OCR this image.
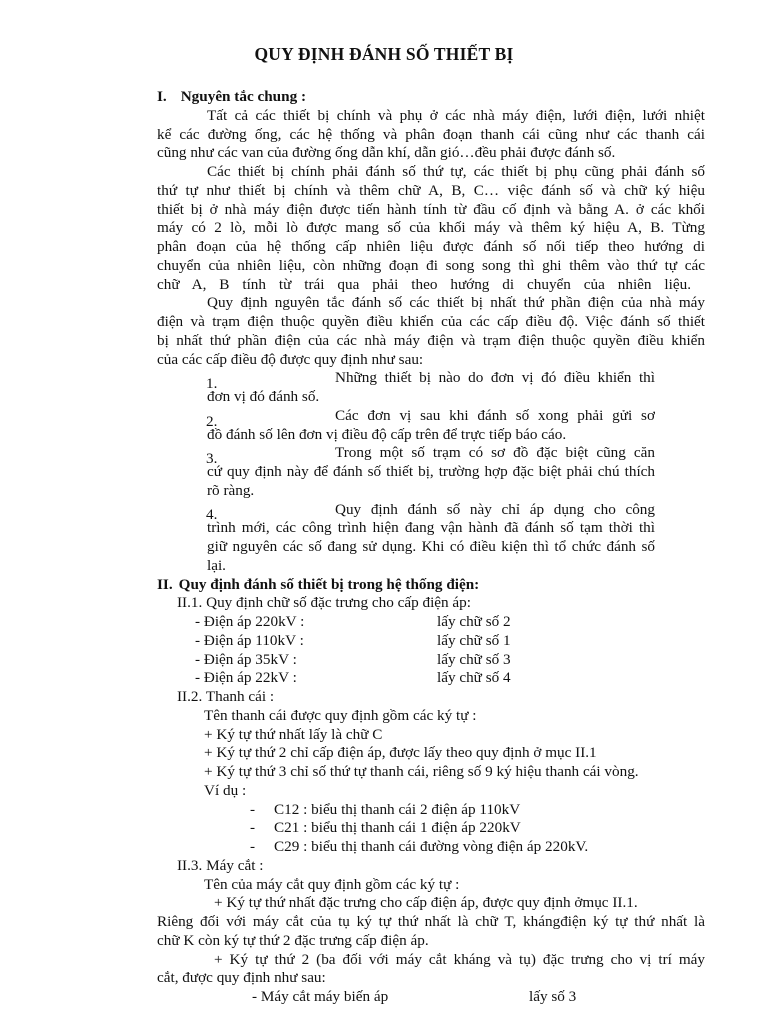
QUY ĐỊNH ĐÁNH SỐ THIẾT BỊ
I. Nguyên tắc chung :
Tất cả các thiết bị chính và phụ ở các nhà máy điện, lưới điện, lưới nhiệt
kể các đường ống, các hệ thống và phân đoạn thanh cái cũng như các thanh cái
cũng như các van của đường ống dẫn khí, dẫn gió…đều phải được đánh số.
Các thiết bị chính phải đánh số thứ tự, các thiết bị phụ cũng phải đánh số
thứ tự như thiết bị chính và thêm chữ A, B, C… việc đánh số và chữ ký hiệu
thiết bị ở nhà máy điện được tiến hành tính từ đầu cố định và bằng A. ở các khối
máy có 2 lò, mỗi lò được mang số của khối máy và thêm ký hiệu A, B. Từng
phân đoạn của hệ thống cấp nhiên liệu được đánh số nối tiếp theo hướng di
chuyển của nhiên liệu, còn những đoạn đi song song thì ghi thêm vào thứ tự các
chữ A, B tính từ trái qua phải theo hướng di chuyển của nhiên liệu.
Quy định nguyên tắc đánh số các thiết bị nhất thứ phần điện của nhà máy
điện và trạm điện thuộc quyền điều khiển của các cấp điều độ. Việc đánh số thiết
bị nhất thứ phần điện của các nhà máy điện và trạm điện thuộc quyền điều khiển
của các cấp điều độ được quy định như sau:
1.	Những thiết bị nào do đơn vị đó điều khiển thì
đơn vị đó đánh số.
2.	Các đơn vị sau khi đánh số xong phải gửi sơ
đồ đánh số lên đơn vị điều độ cấp trên để trực tiếp báo cáo.
3.	Trong một số trạm có sơ đồ đặc biệt cũng căn
cứ quy định này để đánh số thiết bị, trường hợp đặc biệt phải chú thích
rõ ràng.
4.	Quy định đánh số này chỉ áp dụng cho công
trình mới, các công trình hiện đang vận hành đã đánh số tạm thời thì
giữ nguyên các số đang sử dụng. Khi có điều kiện thì tổ chức đánh số
lại.
II. Quy định đánh số thiết bị trong hệ thống điện:
II.1. Quy định chữ số đặc trưng cho cấp điện áp:
- Điện áp 220kV :	lấy chữ số 2
- Điện áp 110kV :	lấy chữ số 1
- Điện áp 35kV :	lấy chữ số 3
- Điện áp 22kV :	lấy chữ số 4
II.2. Thanh cái :
Tên thanh cái được quy định gồm các ký tự :
+ Ký tự thứ nhất lấy là chữ C
+ Ký tự thứ 2 chỉ cấp điện áp, được lấy theo quy định ở mục II.1
+ Ký tự thứ 3 chỉ số thứ tự thanh cái, riêng số 9 ký hiệu thanh cái vòng.
Ví dụ :
- C12 : biểu thị thanh cái 2 điện áp 110kV
- C21 : biểu thị thanh cái 1 điện áp 220kV
- C29 : biểu thị thanh cái đường vòng điện áp 220kV.
II.3. Máy cắt :
Tên của máy cắt quy định gồm các ký tự :
+ Ký tự thứ nhất đặc trưng cho cấp điện áp, được quy định ởmục II.1.
Riêng đối với máy cắt của tụ ký tự thứ nhất là chữ T, khángđiện ký tự thứ nhất là
chữ K còn ký tự thứ 2 đặc trưng cấp điện áp.
+ Ký tự thứ 2 (ba đối với máy cắt kháng và tụ) đặc trưng cho vị trí máy
cắt, được quy định như sau:
- Máy cắt máy biến áp	lấy số 3
